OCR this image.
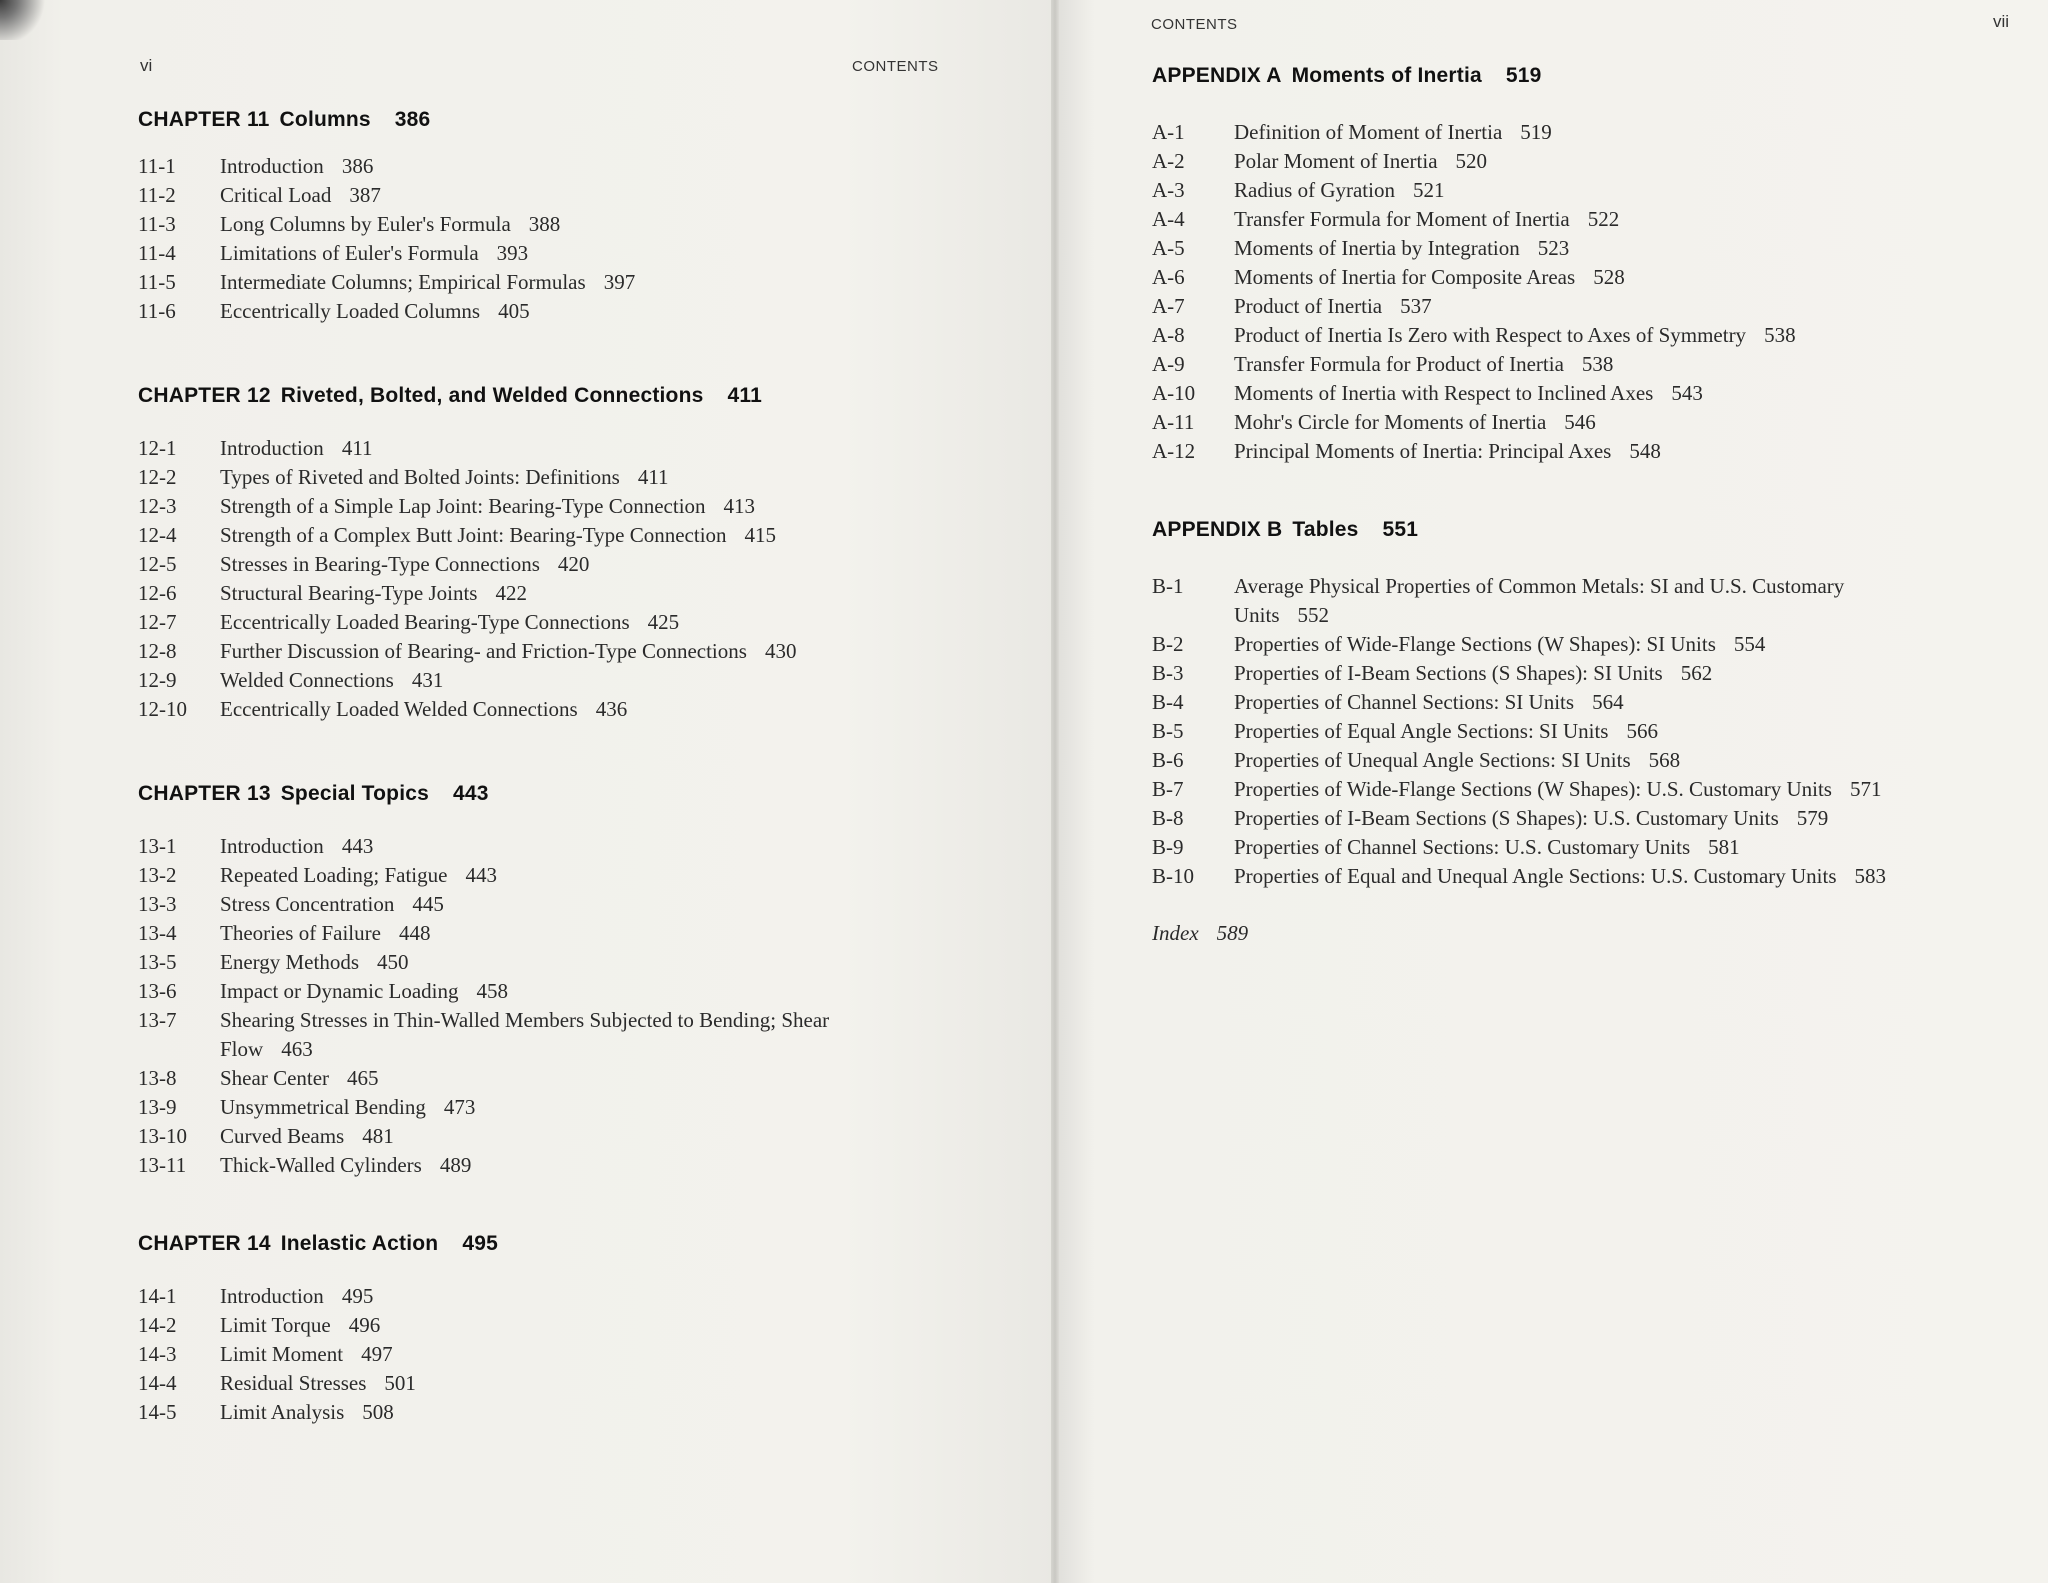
vi	CONTENTS
CHAPTER 11 Columns 386
11-1	Introduction 386
11-2	Critical Load 387
11-3	Long Columns by Euler's Formula 388
11-4	Limitations of Euler's Formula 393
11-5	Intermediate Columns; Empirical Formulas 397
11-6	Eccentrically Loaded Columns 405
CHAPTER 12 Riveted, Bolted, and Welded Connections 411
12-1	Introduction 411
12-2	Types of Riveted and Bolted Joints: Definitions 411
12-3	Strength of a Simple Lap Joint: Bearing-Type Connection 413
12-4	Strength of a Complex Butt Joint: Bearing-Type Connection 415
12-5	Stresses in Bearing-Type Connections 420
12-6	Structural Bearing-Type Joints 422
12-7	Eccentrically Loaded Bearing-Type Connections 425
12-8	Further Discussion of Bearing- and Friction-Type Connections 430
12-9	Welded Connections 431
12-10	Eccentrically Loaded Welded Connections 436
CHAPTER 13 Special Topics 443
13-1	Introduction 443
13-2	Repeated Loading; Fatigue 443
13-3	Stress Concentration 445
13-4	Theories of Failure 448
13-5	Energy Methods 450
13-6	Impact or Dynamic Loading 458
13-7	Shearing Stresses in Thin-Walled Members Subjected to Bending; Shear Flow 463
13-8	Shear Center 465
13-9	Unsymmetrical Bending 473
13-10	Curved Beams 481
13-11	Thick-Walled Cylinders 489
CHAPTER 14 Inelastic Action 495
14-1	Introduction 495
14-2	Limit Torque 496
14-3	Limit Moment 497
14-4	Residual Stresses 501
14-5	Limit Analysis 508
CONTENTS	vii
APPENDIX A Moments of Inertia 519
A-1	Definition of Moment of Inertia 519
A-2	Polar Moment of Inertia 520
A-3	Radius of Gyration 521
A-4	Transfer Formula for Moment of Inertia 522
A-5	Moments of Inertia by Integration 523
A-6	Moments of Inertia for Composite Areas 528
A-7	Product of Inertia 537
A-8	Product of Inertia Is Zero with Respect to Axes of Symmetry 538
A-9	Transfer Formula for Product of Inertia 538
A-10	Moments of Inertia with Respect to Inclined Axes 543
A-11	Mohr's Circle for Moments of Inertia 546
A-12	Principal Moments of Inertia: Principal Axes 548
APPENDIX B Tables 551
B-1	Average Physical Properties of Common Metals: SI and U.S. Customary Units 552
B-2	Properties of Wide-Flange Sections (W Shapes): SI Units 554
B-3	Properties of I-Beam Sections (S Shapes): SI Units 562
B-4	Properties of Channel Sections: SI Units 564
B-5	Properties of Equal Angle Sections: SI Units 566
B-6	Properties of Unequal Angle Sections: SI Units 568
B-7	Properties of Wide-Flange Sections (W Shapes): U.S. Customary Units 571
B-8	Properties of I-Beam Sections (S Shapes): U.S. Customary Units 579
B-9	Properties of Channel Sections: U.S. Customary Units 581
B-10	Properties of Equal and Unequal Angle Sections: U.S. Customary Units 583
Index 589
